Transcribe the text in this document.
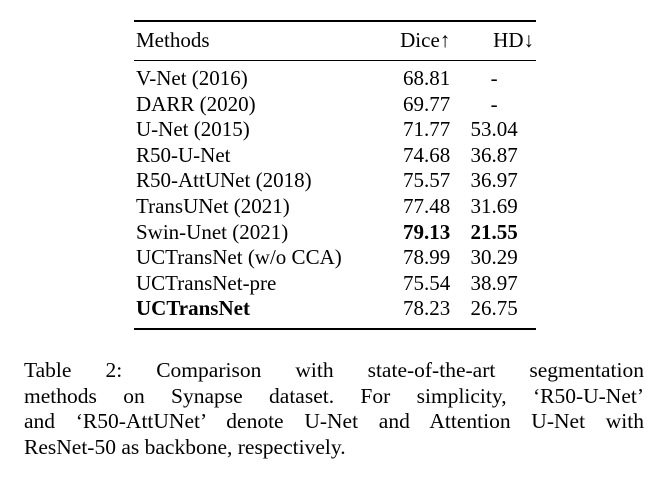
Methods	Dice↑	HD↓
V-Net (2016)	68.81	-
DARR (2020)	69.77	-
U-Net (2015)	71.77	53.04
R50-U-Net	74.68	36.87
R50-AttUNet (2018)	75.57	36.97
TransUNet (2021)	77.48	31.69
Swin-Unet (2021)	79.13	21.55
UCTransNet (w/o CCA)	78.99	30.29
UCTransNet-pre	75.54	38.97
UCTransNet	78.23	26.75
Table 2: Comparison with state-of-the-art segmentation
methods on Synapse dataset. For simplicity, ‘R50-U-Net’
and ‘R50-AttUNet’ denote U-Net and Attention U-Net with
ResNet-50 as backbone, respectively.
